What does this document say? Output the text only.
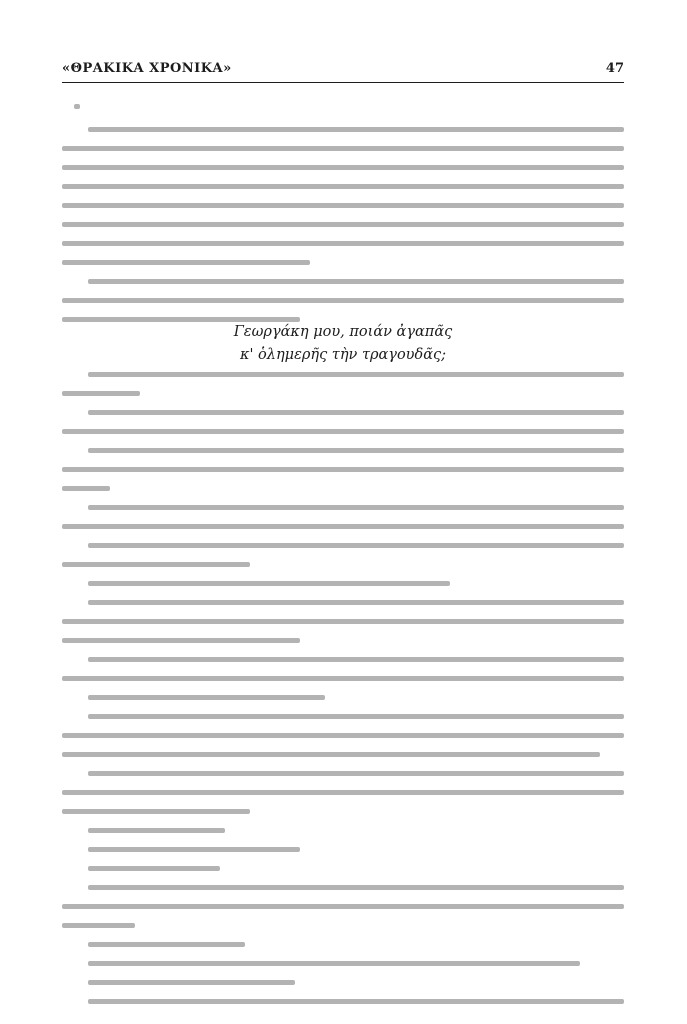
«ΘΡΑΚΙΚΑ ΧΡΟΝΙΚΑ»	47
Γεωργάκη μου, ποιάν ἀγαπᾶς
κ' ὁλημερῆς τὴν τραγουδᾶς;
